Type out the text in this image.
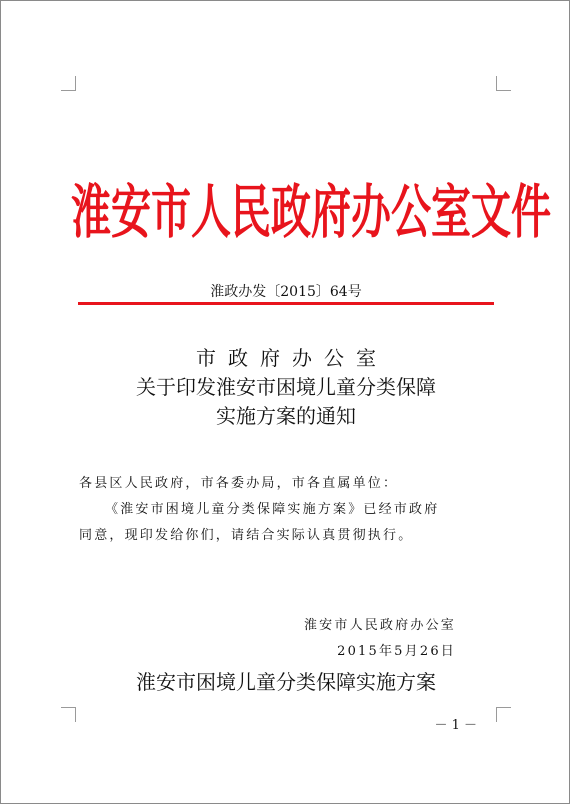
淮安市人民政府办公室文件
淮政办发〔2015〕64号
市政府办公室
关于印发淮安市困境儿童分类保障
实施方案的通知
各县区人民政府，市各委办局，市各直属单位：
《淮安市困境儿童分类保障实施方案》已经市政府
同意，现印发给你们，请结合实际认真贯彻执行。
淮安市人民政府办公室
2015年5月26日
淮安市困境儿童分类保障实施方案
－ 1 －
